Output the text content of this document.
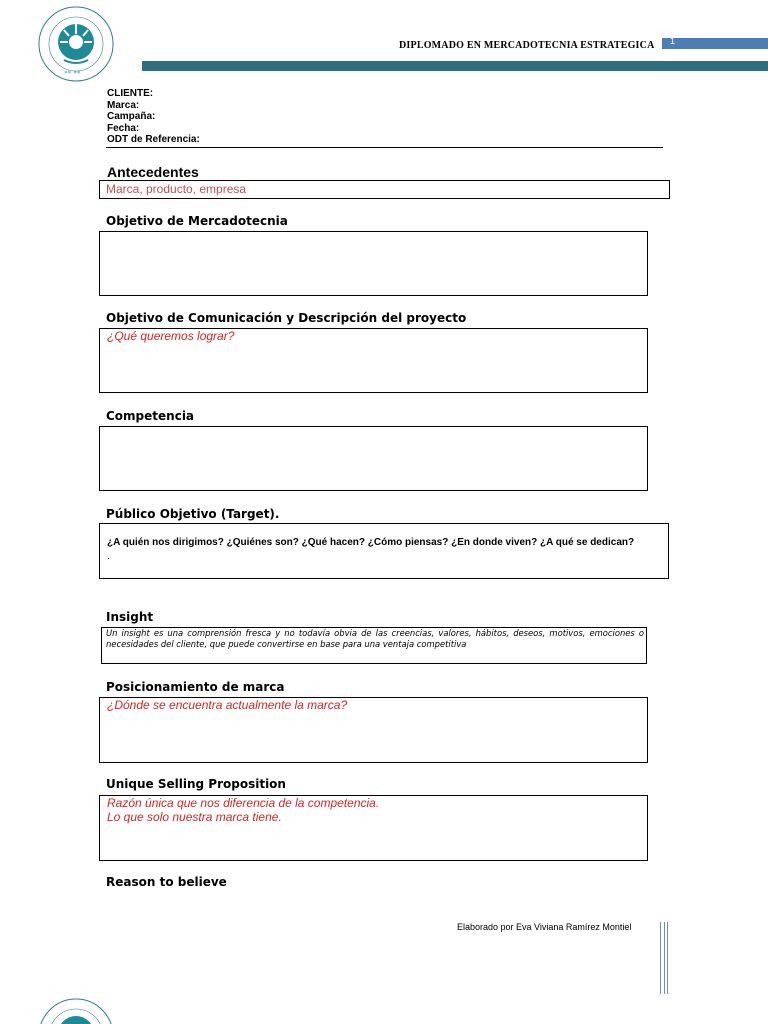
»» ««
DIPLOMADO EN MERCADOTECNIA ESTRATEGICA 1
CLIENTE:
Marca:
Campaña:
Fecha:
ODT de Referencia:
Antecedentes
Marca, producto, empresa
Objetivo de Mercadotecnia
Objetivo de Comunicación y Descripción del proyecto
¿Qué queremos lograr?
Competencia
Público Objetivo (Target).
¿A quién nos dirigimos? ¿Quiénes son? ¿Qué hacen? ¿Cómo piensas? ¿En donde viven? ¿A qué se dedican?
.
Insight
Un insight es una comprensión fresca y no todavía obvia de las creencias, valores, hábitos, deseos, motivos, emociones o necesidades del cliente, que puede convertirse en base para una ventaja competitiva
Posicionamiento de marca
¿Dónde se encuentra actualmente la marca?
Unique Selling Proposition
Razón única que nos diferencia de la competencia.
Lo que solo nuestra marca tiene.
Reason to believe
Elaborado por Eva Viviana Ramírez Montiel
